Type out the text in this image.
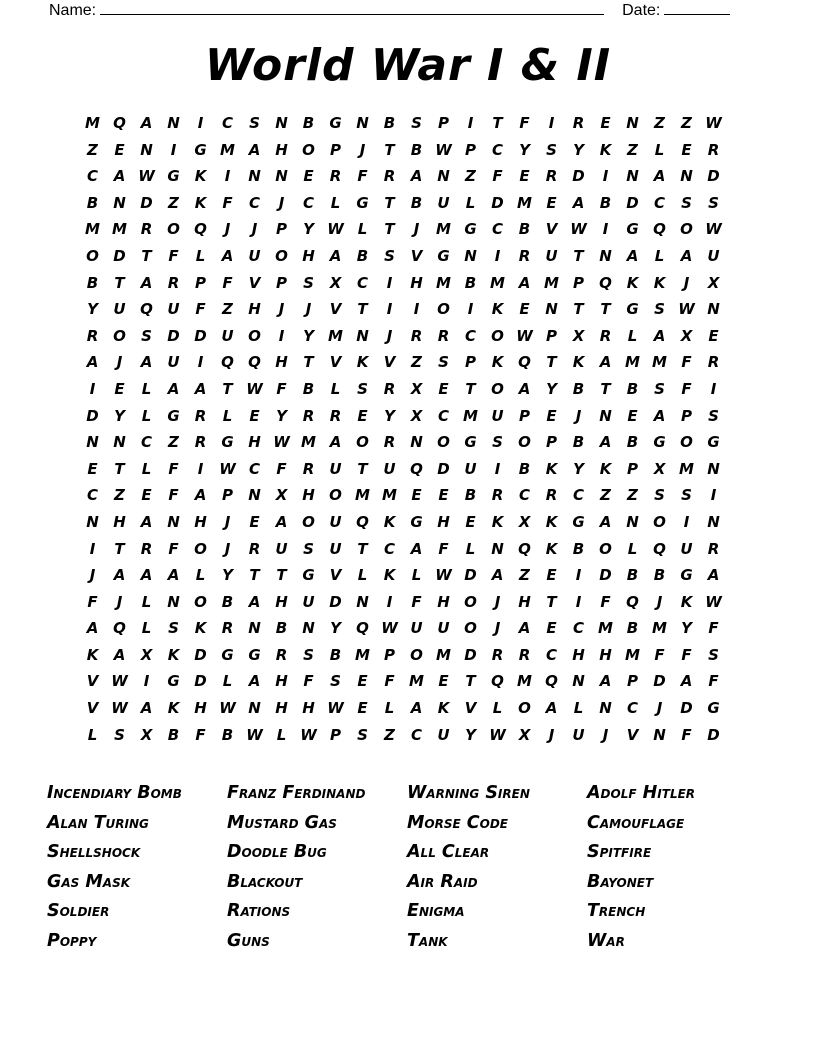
Name:	Date:
World War I & II
M Q A N	I	C	S	N	B	G N	B	S	P	I	T	F	I	R	E	N	Z	Z W
Z	E	N	I	G M A H O	P	J	T	B W P	C	Y	S	Y	K	Z	L	E	R
C	A W G	K	I	N N	E	R	F	R	A N	Z	F	E	R D	I	N A N D
B	N D	Z	K	F	C	J	C	L	G	T	B	U	L	D M E	A	B	D	C	S	S
M M R O Q	J	J	P	Y W L	T	J	M G	C	B	V W	I	G Q O W
O D	T	F	L	A	U O H A	B	S	V	G N	I	R	U	T	N A	L	A	U
B	T	A	R	P	F	V	P	S	X	C	I	H M B M A M P	Q K	K	J	X
Y	U Q U	F	Z	H	J	J	V	T	I	I	O	I	K	E	N	T	T	G	S W N
R O	S	D D U O	I	Y M N	J	R	R	C	O W P	X	R	L	A	X	E
A	J	A	U	I	Q Q H	T	V	K	V	Z	S	P	K Q	T	K	A M M F	R
I	E	L	A	A	T W F	B	L	S	R	X	E	T	O A	Y	B	T	B	S	F	I
D	Y	L	G	R	L	E	Y	R	R	E	Y	X	C M U	P	E	J	N	E	A	P	S
N N	C	Z	R	G H W M A O R N O G	S	O	P	B	A	B	G O G
E	T	L	F	I	W C	F	R	U	T	U Q D U	I	B	K	Y	K	P	X M N
C	Z	E	F	A	P	N X H O M M E	E	B	R	C	R	C	Z	Z	S	S	I
N H A N H	J	E	A O U Q K	G H	E	K	X	K	G	A N O	I	N
I	T	R	F	O	J	R	U	S	U	T	C	A	F	L	N Q K	B O	L	Q U	R
J	A	A	A	L	Y	T	T	G	V	L	K	L W D A	Z	E	I	D	B	B	G	A
F	J	L	N O B	A H U D N	I	F	H O	J	H	T	I	F	Q	J	K W
A Q	L	S	K	R N	B	N	Y	Q W U U O	J	A	E	C M B M Y	F
K	A	X	K D G G	R	S	B M P	O M D	R	R	C	H H M F	F	S
V W	I	G D	L	A H	F	S	E	F M E	T	Q M Q N A	P	D A	F
V W A	K H W N H H W E	L	A	K	V	L	O A	L	N	C	J	D G
L	S	X	B	F	B W L W P	S	Z	C	U	Y W X	J	U	J	V N	F	D
Incendiary Bomb	Franz Ferdinand	Warning Siren	Adolf Hitler
Alan Turing	Mustard Gas	Morse Code	Camouflage
Shellshock	Doodle Bug	All Clear	Spitfire
Gas Mask	Blackout	Air Raid	Bayonet
Soldier	Rations	Enigma	Trench
Poppy	Guns	Tank	War
